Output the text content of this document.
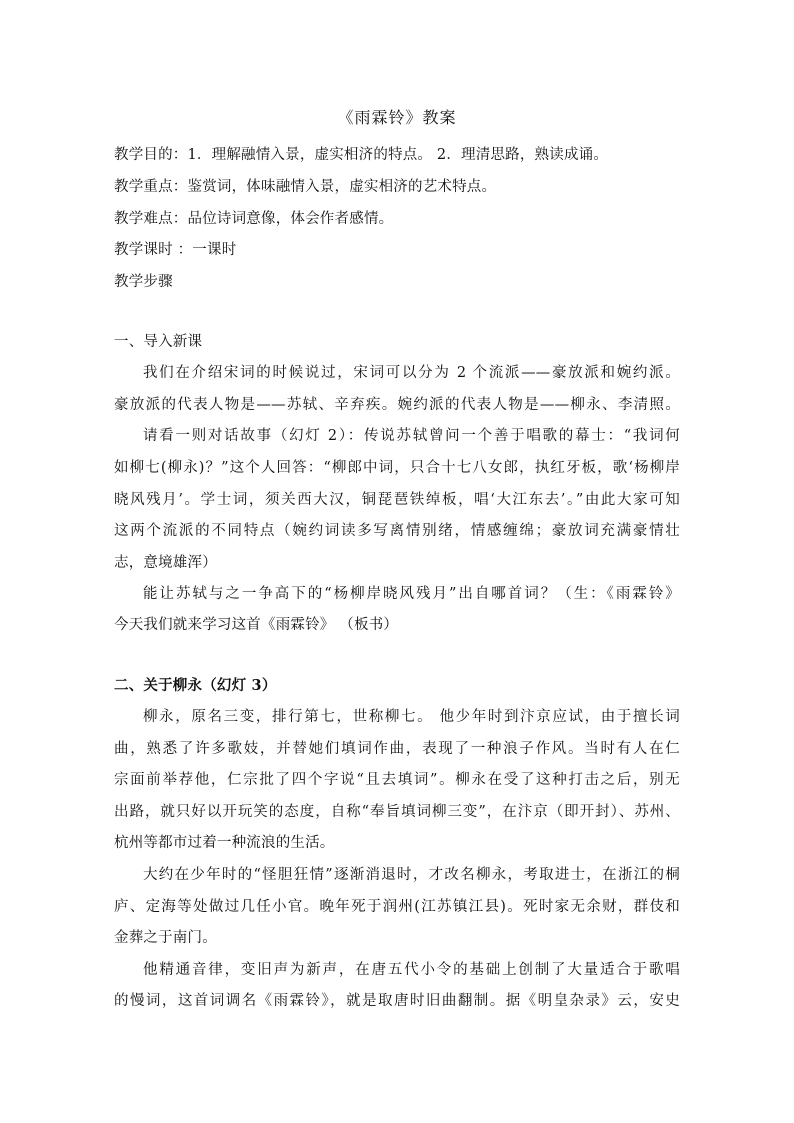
《雨霖铃》教案
教学目的：1．理解融情入景，虚实相济的特点。 2．理清思路，熟读成诵。
教学重点：鉴赏词，体味融情入景，虚实相济的艺术特点。
教学难点：品位诗词意像，体会作者感情。
教学课时 ：一课时
教学步骤
一、导入新课
我们在介绍宋词的时候说过，宋词可以分为 2 个流派——豪放派和婉约派。
豪放派的代表人物是——苏轼、辛弃疾。婉约派的代表人物是——柳永、李清照。
请看一则对话故事（幻灯 2）：传说苏轼曾问一个善于唱歌的幕士：“我词何
如柳七(柳永)？”这个人回答：“柳郎中词，只合十七八女郎，执红牙板，歌‘杨柳岸
晓风残月’。学士词，须关西大汉，铜琵琶铁绰板，唱‘大江东去’。”由此大家可知
这两个流派的不同特点（婉约词读多写离情别绪，情感缠绵；豪放词充满豪情壮
志，意境雄浑）
能让苏轼与之一争高下的“杨柳岸晓风残月”出自哪首词？（生：《雨霖铃》
今天我们就来学习这首《雨霖铃》 （板书）
二、关于柳永（幻灯 3）
柳永，原名三变，排行第七，世称柳七。 他少年时到汴京应试，由于擅长词
曲，熟悉了许多歌妓，并替她们填词作曲，表现了一种浪子作风。当时有人在仁
宗面前举荐他，仁宗批了四个字说“且去填词”。柳永在受了这种打击之后，别无
出路，就只好以开玩笑的态度，自称“奉旨填词柳三变”，在汴京（即开封）、苏州、
杭州等都市过着一种流浪的生活。
大约在少年时的“怪胆狂情”逐渐消退时，才改名柳永，考取进士，在浙江的桐
庐、定海等处做过几任小官。晚年死于润州(江苏镇江县)。死时家无余财，群伎和
金葬之于南门。
他精通音律，变旧声为新声，在唐五代小令的基础上创制了大量适合于歌唱
的慢词，这首词调名《雨霖铃》，就是取唐时旧曲翻制。据《明皇杂录》云，安史
